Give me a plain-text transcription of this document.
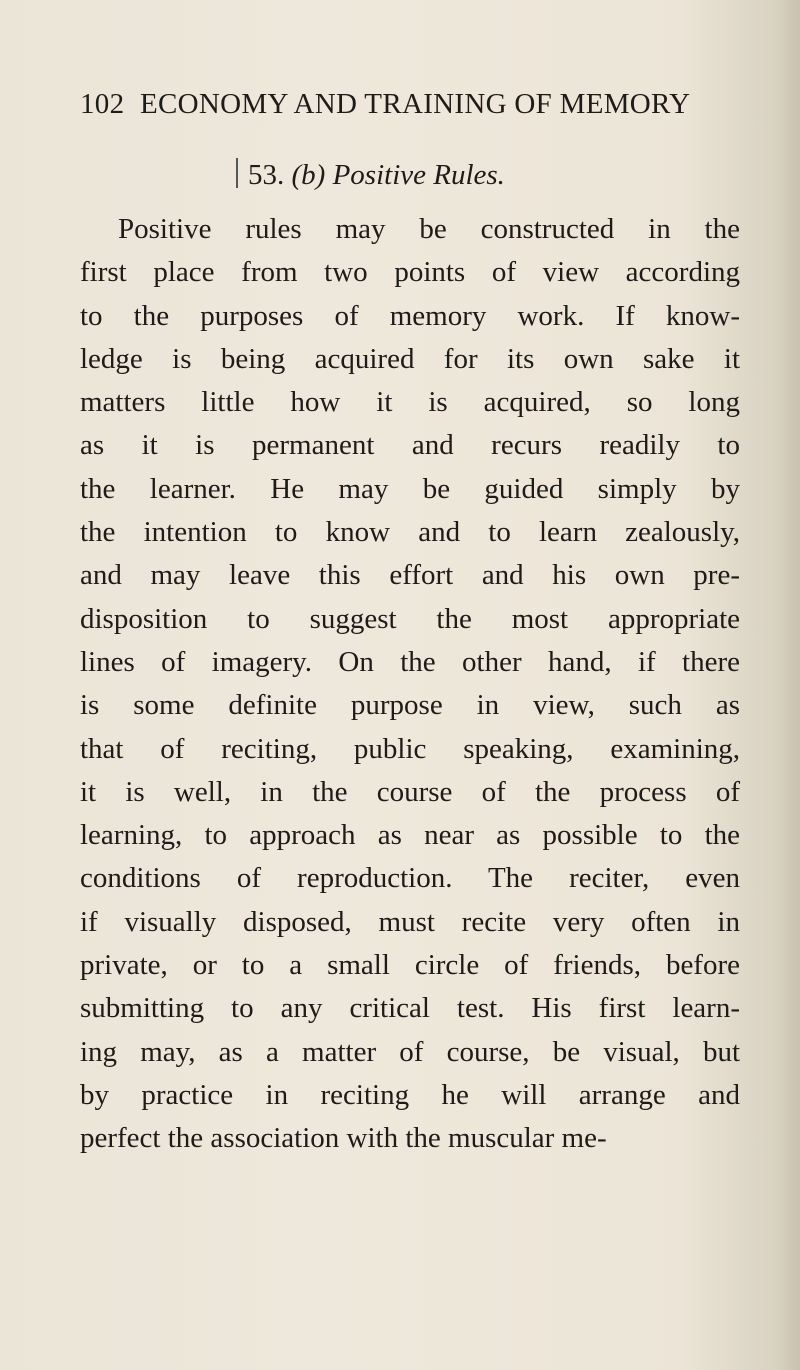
102 ECONOMY AND TRAINING OF MEMORY
53. (b) Positive Rules.
Positive rules may be constructed in the
first place from two points of view according
to the purposes of memory work. If know-
ledge is being acquired for its own sake it
matters little how it is acquired, so long
as it is permanent and recurs readily to
the learner. He may be guided simply by
the intention to know and to learn zealously,
and may leave this effort and his own pre-
disposition to suggest the most appropriate
lines of imagery. On the other hand, if there
is some definite purpose in view, such as
that of reciting, public speaking, examining,
it is well, in the course of the process of
learning, to approach as near as possible to the
conditions of reproduction. The reciter, even
if visually disposed, must recite very often in
private, or to a small circle of friends, before
submitting to any critical test. His first learn-
ing may, as a matter of course, be visual, but
by practice in reciting he will arrange and
perfect the association with the muscular me-
